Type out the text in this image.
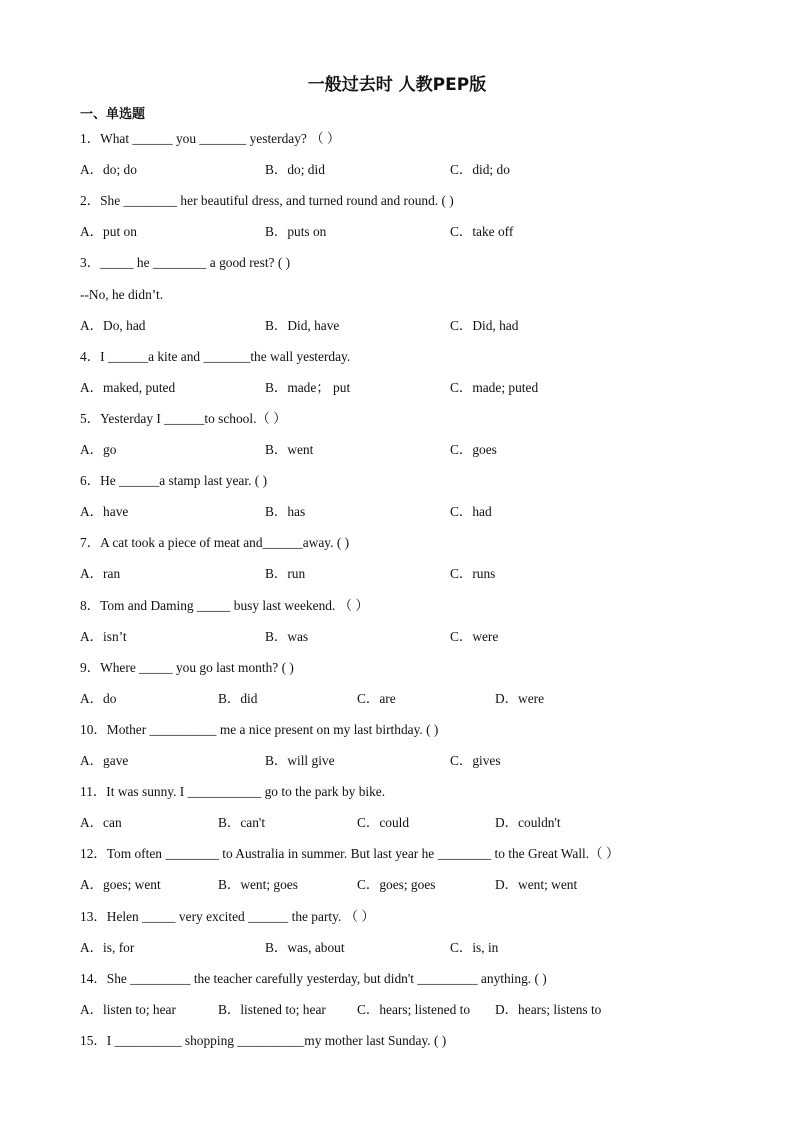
一般过去时 人教PEP版
一、单选题
1．What ______ you _______ yesterday? （ ）
A．do; do	B．do; did	C．did; do
2．She ________ her beautiful dress, and turned round and round. ( )
A．put on	B．puts on	C．take off
3．_____ he ________ a good rest? ( )
--No, he didn’t.
A．Do, had	B．Did, have	C．Did, had
4．I ______a kite and _______the wall yesterday.
A．maked, puted	B．made； put	C．made; puted
5．Yesterday I ______to school.（ ）
A．go	B．went	C．goes
6．He ______a stamp last year. ( )
A．have	B．has	C．had
7．A cat took a piece of meat and______away. ( )
A．ran	B．run	C．runs
8．Tom and Daming _____ busy last weekend. （ ）
A．isn’t	B．was	C．were
9．Where _____ you go last month? ( )
A．do	B．did	C．are	D．were
10．Mother __________ me a nice present on my last birthday. ( )
A．gave	B．will give	C．gives
11．It was sunny. I ___________ go to the park by bike.
A．can	B．can't	C．could	D．couldn't
12．Tom often ________ to Australia in summer. But last year he ________ to the Great Wall.（ ）
A．goes; went	B．went; goes	C．goes; goes	D．went; went
13．Helen _____ very excited ______ the party. （ ）
A．is, for	B．was, about	C．is, in
14．She _________ the teacher carefully yesterday, but didn't _________ anything. ( )
A．listen to; hear	B．listened to; hear C．hears; listened to D．hears; listens to
15．I __________ shopping __________my mother last Sunday. ( )
